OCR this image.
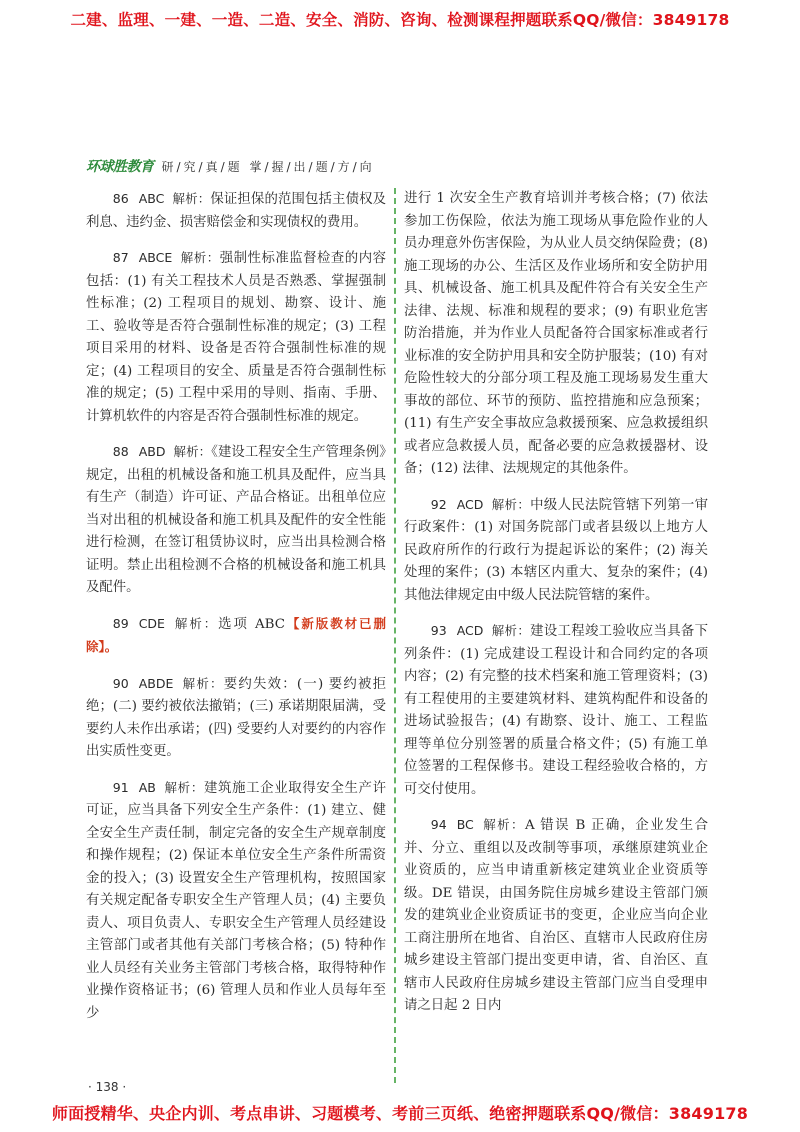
二建、监理、一建、一造、二造、安全、消防、咨询、检测课程押题联系QQ/微信：3849178
环球胜教育 研/究/真/题 掌/握/出/题/方/向

86 ABC 解析：保证担保的范围包括主债权及利息、违约金、损害赔偿金和实现债权的费用。

87 ABCE 解析：强制性标准监督检查的内容包括：(1) 有关工程技术人员是否熟悉、掌握强制性标准；(2) 工程项目的规划、勘察、设计、施工、验收等是否符合强制性标准的规定；(3) 工程项目采用的材料、设备是否符合强制性标准的规定；(4) 工程项目的安全、质量是否符合强制性标准的规定；(5) 工程中采用的导则、指南、手册、计算机软件的内容是否符合强制性标准的规定。

88 ABD 解析：《建设工程安全生产管理条例》规定，出租的机械设备和施工机具及配件，应当具有生产（制造）许可证、产品合格证。出租单位应当对出租的机械设备和施工机具及配件的安全性能进行检测，在签订租赁协议时，应当出具检测合格证明。禁止出租检测不合格的机械设备和施工机具及配件。

89 CDE 解析：选项 ABC【新版教材已删除】。

90 ABDE 解析：要约失效：(一) 要约被拒绝；(二) 要约被依法撤销；(三) 承诺期限届满，受要约人未作出承诺；(四) 受要约人对要约的内容作出实质性变更。

91 AB 解析：建筑施工企业取得安全生产许可证，应当具备下列安全生产条件：(1) 建立、健全安全生产责任制，制定完备的安全生产规章制度和操作规程；(2) 保证本单位安全生产条件所需资金的投入；(3) 设置安全生产管理机构，按照国家有关规定配备专职安全生产管理人员；(4) 主要负责人、项目负责人、专职安全生产管理人员经建设主管部门或者其他有关部门考核合格；(5) 特种作业人员经有关业务主管部门考核合格，取得特种作业操作资格证书；(6) 管理人员和作业人员每年至少

进行 1 次安全生产教育培训并考核合格；(7) 依法参加工伤保险，依法为施工现场从事危险作业的人员办理意外伤害保险，为从业人员交纳保险费；(8) 施工现场的办公、生活区及作业场所和安全防护用具、机械设备、施工机具及配件符合有关安全生产法律、法规、标准和规程的要求；(9) 有职业危害防治措施，并为作业人员配备符合国家标准或者行业标准的安全防护用具和安全防护服装；(10) 有对危险性较大的分部分项工程及施工现场易发生重大事故的部位、环节的预防、监控措施和应急预案；(11) 有生产安全事故应急救援预案、应急救援组织或者应急救援人员，配备必要的应急救援器材、设备；(12) 法律、法规规定的其他条件。

92 ACD 解析：中级人民法院管辖下列第一审行政案件：(1) 对国务院部门或者县级以上地方人民政府所作的行政行为提起诉讼的案件；(2) 海关处理的案件；(3) 本辖区内重大、复杂的案件；(4) 其他法律规定由中级人民法院管辖的案件。

93 ACD 解析：建设工程竣工验收应当具备下列条件：(1) 完成建设工程设计和合同约定的各项内容；(2) 有完整的技术档案和施工管理资料；(3) 有工程使用的主要建筑材料、建筑构配件和设备的进场试验报告；(4) 有勘察、设计、施工、工程监理等单位分别签署的质量合格文件；(5) 有施工单位签署的工程保修书。建设工程经验收合格的，方可交付使用。

94 BC 解析：A 错误 B 正确，企业发生合并、分立、重组以及改制等事项，承继原建筑业企业资质的，应当申请重新核定建筑业企业资质等级。DE 错误，由国务院住房城乡建设主管部门颁发的建筑业企业资质证书的变更，企业应当向企业工商注册所在地省、自治区、直辖市人民政府住房城乡建设主管部门提出变更申请，省、自治区、直辖市人民政府住房城乡建设主管部门应当自受理申请之日起 2 日内

· 138 ·
师面授精华、央企内训、考点串讲、习题模考、考前三页纸、绝密押题联系QQ/微信：3849178
